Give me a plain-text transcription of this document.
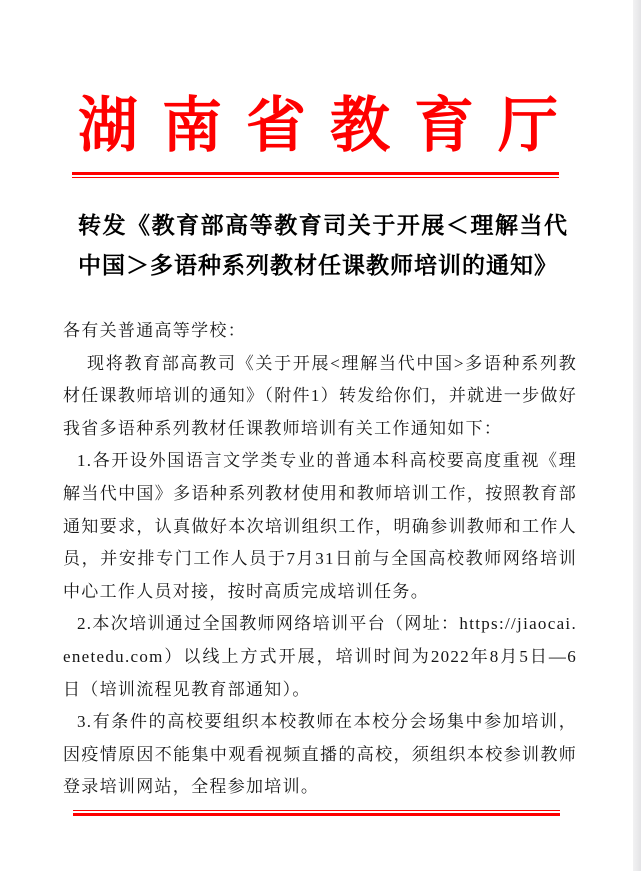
湖 南 省 教 育 厅
转发《教育部高等教育司关于开展＜理解当代中国＞多语种系列教材任课教师培训的通知》

各有关普通高等学校：

现将教育部高教司《关于开展<理解当代中国>多语种系列教材任课教师培训的通知》（附件1）转发给你们，并就进一步做好我省多语种系列教材任课教师培训有关工作通知如下：

1.各开设外国语言文学类专业的普通本科高校要高度重视《理解当代中国》多语种系列教材使用和教师培训工作，按照教育部通知要求，认真做好本次培训组织工作，明确参训教师和工作人员，并安排专门工作人员于7月31日前与全国高校教师网络培训中心工作人员对接，按时高质完成培训任务。

2.本次培训通过全国教师网络培训平台（网址：https://jiaocai.enetedu.com）以线上方式开展，培训时间为2022年8月5日—6日（培训流程见教育部通知）。

3.有条件的高校要组织本校教师在本校分会场集中参加培训，因疫情原因不能集中观看视频直播的高校，须组织本校参训教师登录培训网站，全程参加培训。
